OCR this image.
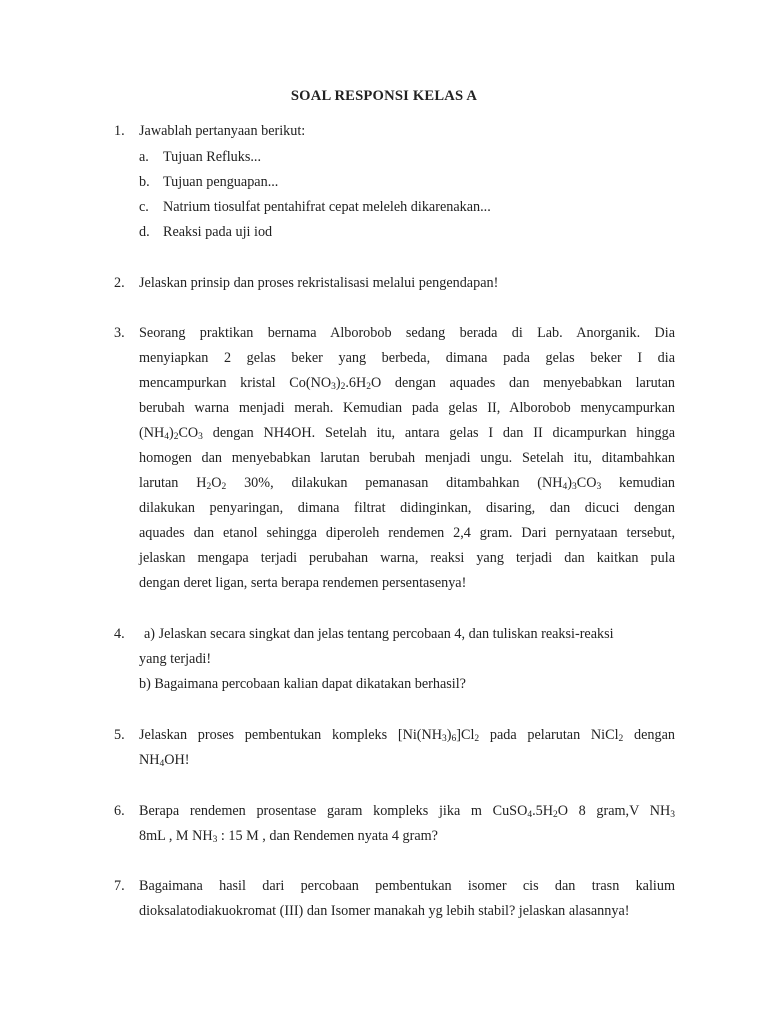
SOAL RESPONSI KELAS A
1. Jawablah pertanyaan berikut:
a. Tujuan Refluks...
b. Tujuan penguapan...
c. Natrium tiosulfat pentahifrat cepat meleleh dikarenakan...
d. Reaksi pada uji iod
2. Jelaskan prinsip dan proses rekristalisasi melalui pengendapan!
3. Seorang praktikan bernama Alborobob sedang berada di Lab. Anorganik. Dia
menyiapkan 2 gelas beker yang berbeda, dimana pada gelas beker I dia
mencampurkan kristal $Co(NO_3)_2.6H_2O$ dengan aquades dan menyebabkan larutan
berubah warna menjadi merah. Kemudian pada gelas II, Alborobob menycampurkan
$(NH_4)_2CO_3$ dengan NH4OH. Setelah itu, antara gelas I dan II dicampurkan hingga
homogen dan menyebabkan larutan berubah menjadi ungu. Setelah itu, ditambahkan
larutan $H_2O_2$ 30%, dilakukan pemanasan ditambahkan $(NH_4)_3CO_3$ kemudian
dilakukan penyaringan, dimana filtrat didinginkan, disaring, dan dicuci dengan
aquades dan etanol sehingga diperoleh rendemen 2,4 gram. Dari pernyataan tersebut,
jelaskan mengapa terjadi perubahan warna, reaksi yang terjadi dan kaitkan pula
dengan deret ligan, serta berapa rendemen persentasenya!
4. a) Jelaskan secara singkat dan jelas tentang percobaan 4, dan tuliskan reaksi-reaksi
yang terjadi!
b) Bagaimana percobaan kalian dapat dikatakan berhasil?
5. Jelaskan proses pembentukan kompleks $[Ni(NH_3)_6]Cl_2$ pada pelarutan NiCl$_2$ dengan
$NH_4OH$!
6. Berapa rendemen prosentase garam kompleks jika m $CuSO_4.5H_2O$ 8 gram,V $NH_3$
8mL , M $NH_3$ : 15 M , dan Rendemen nyata 4 gram?
7. Bagaimana hasil dari percobaan pembentukan isomer cis dan trasn kalium
dioksalatodiakuokromat (III) dan Isomer manakah yg lebih stabil? jelaskan alasannya!
